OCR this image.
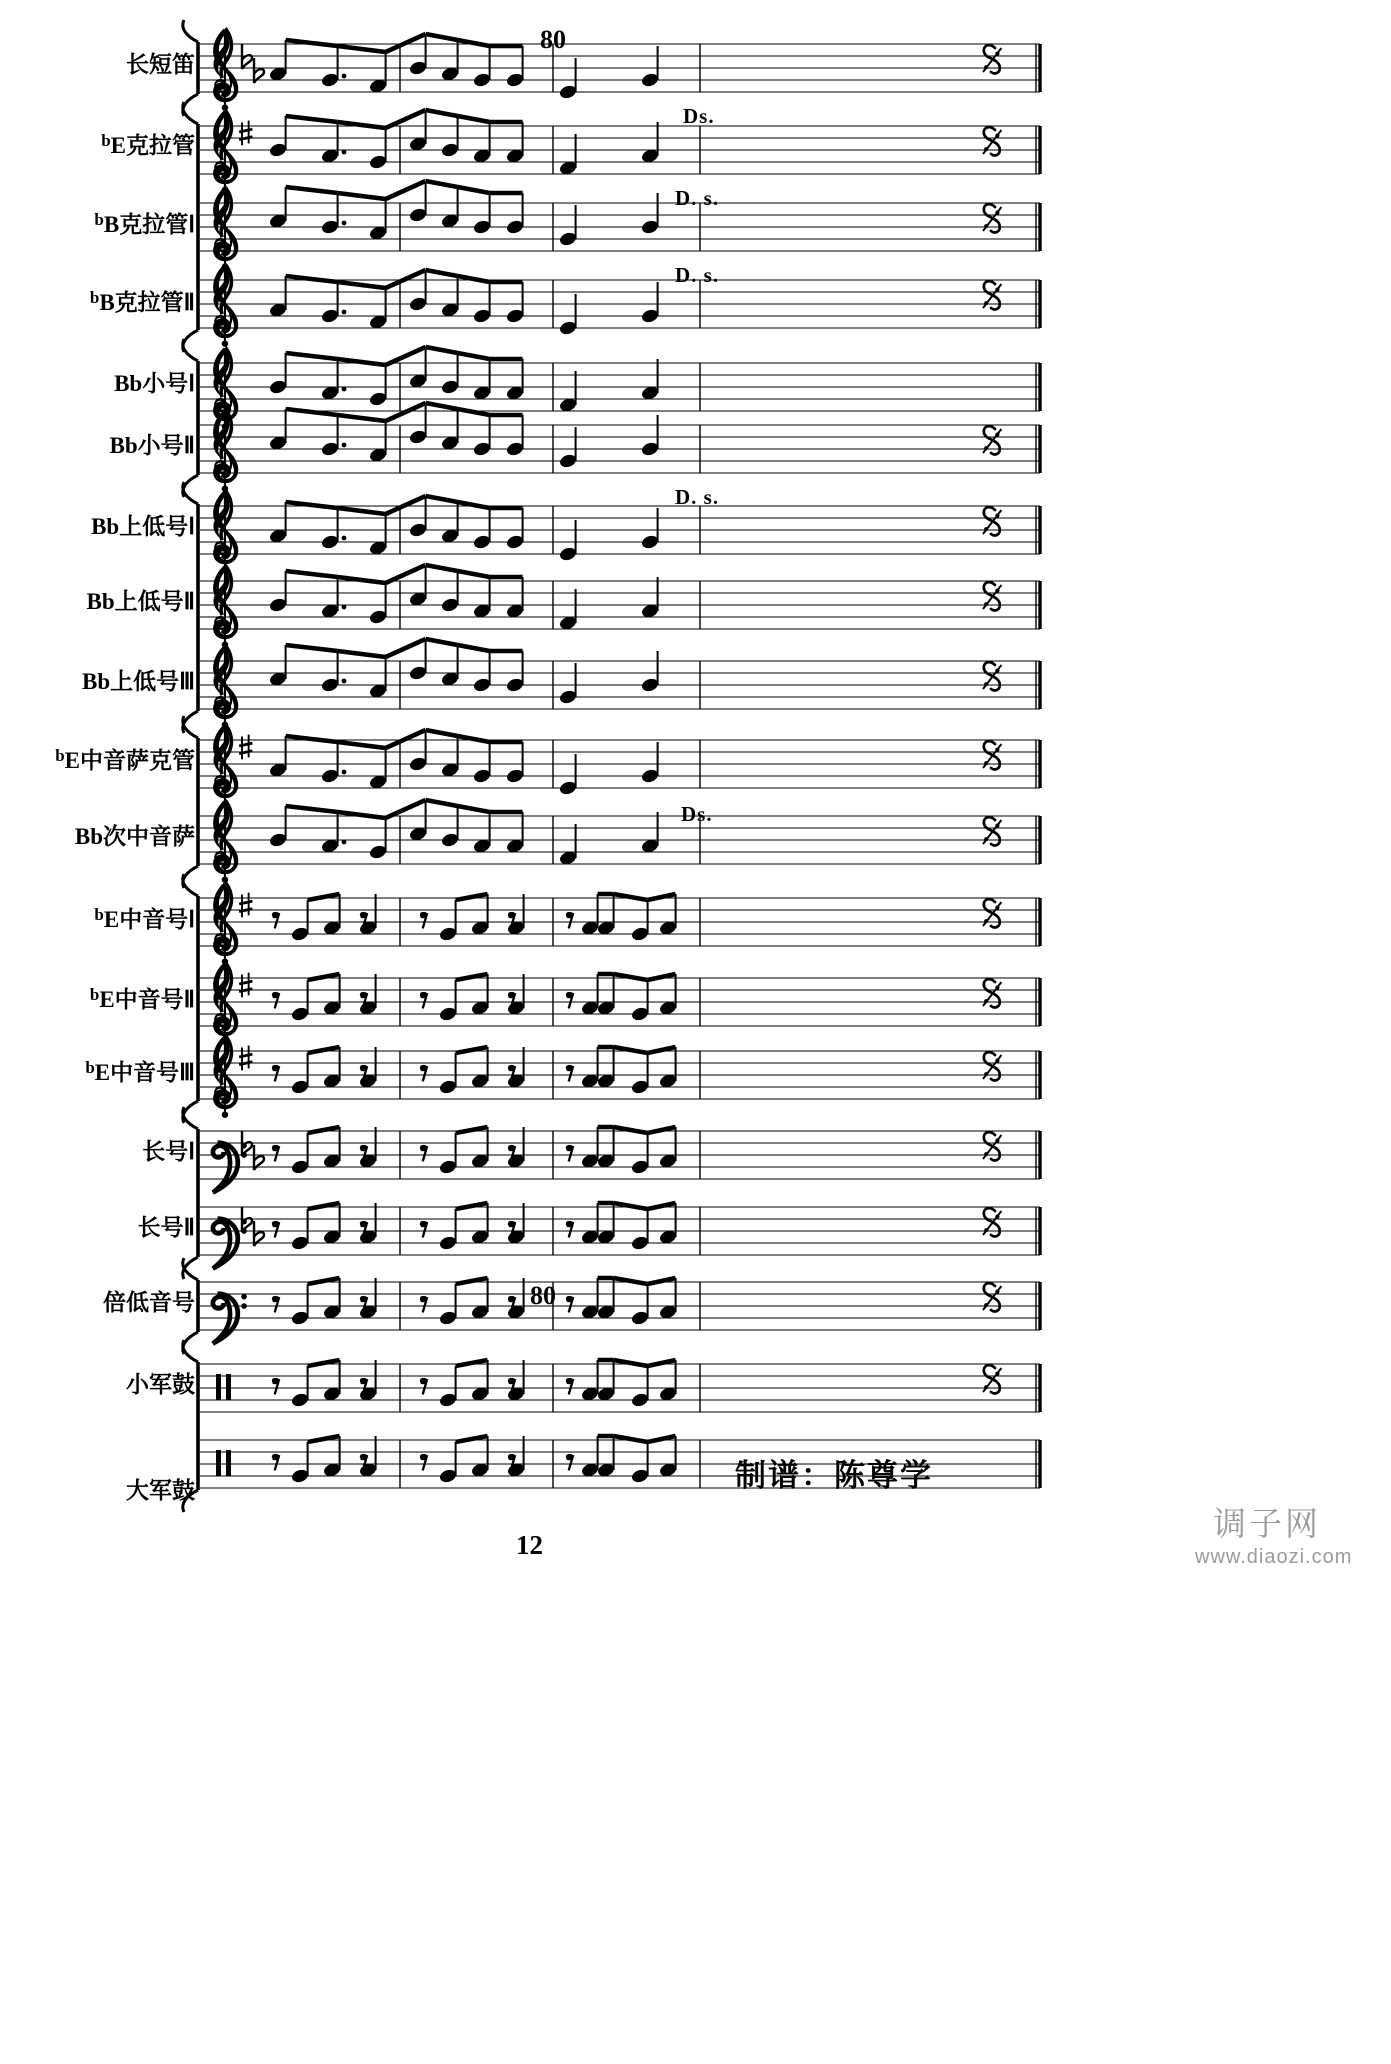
长短笛
$^b$E克拉管
$^b$B克拉管Ⅰ
$^b$B克拉管Ⅱ
Bb小号Ⅰ
Bb小号Ⅱ
Bb上低号Ⅰ
Bb上低号Ⅱ
Bb上低号Ⅲ
$^b$E中音萨克管
Bb次中音萨
$^b$E中音号Ⅰ
$^b$E中音号Ⅱ
$^b$E中音号Ⅲ
长号Ⅰ
长号Ⅱ
倍低音号
小军鼓
大军鼓
Ds.
D. s.
D. s.
D. s.
Ds.
80
80
制谱：陈尊学
12
调子网
www.diaozi.com
